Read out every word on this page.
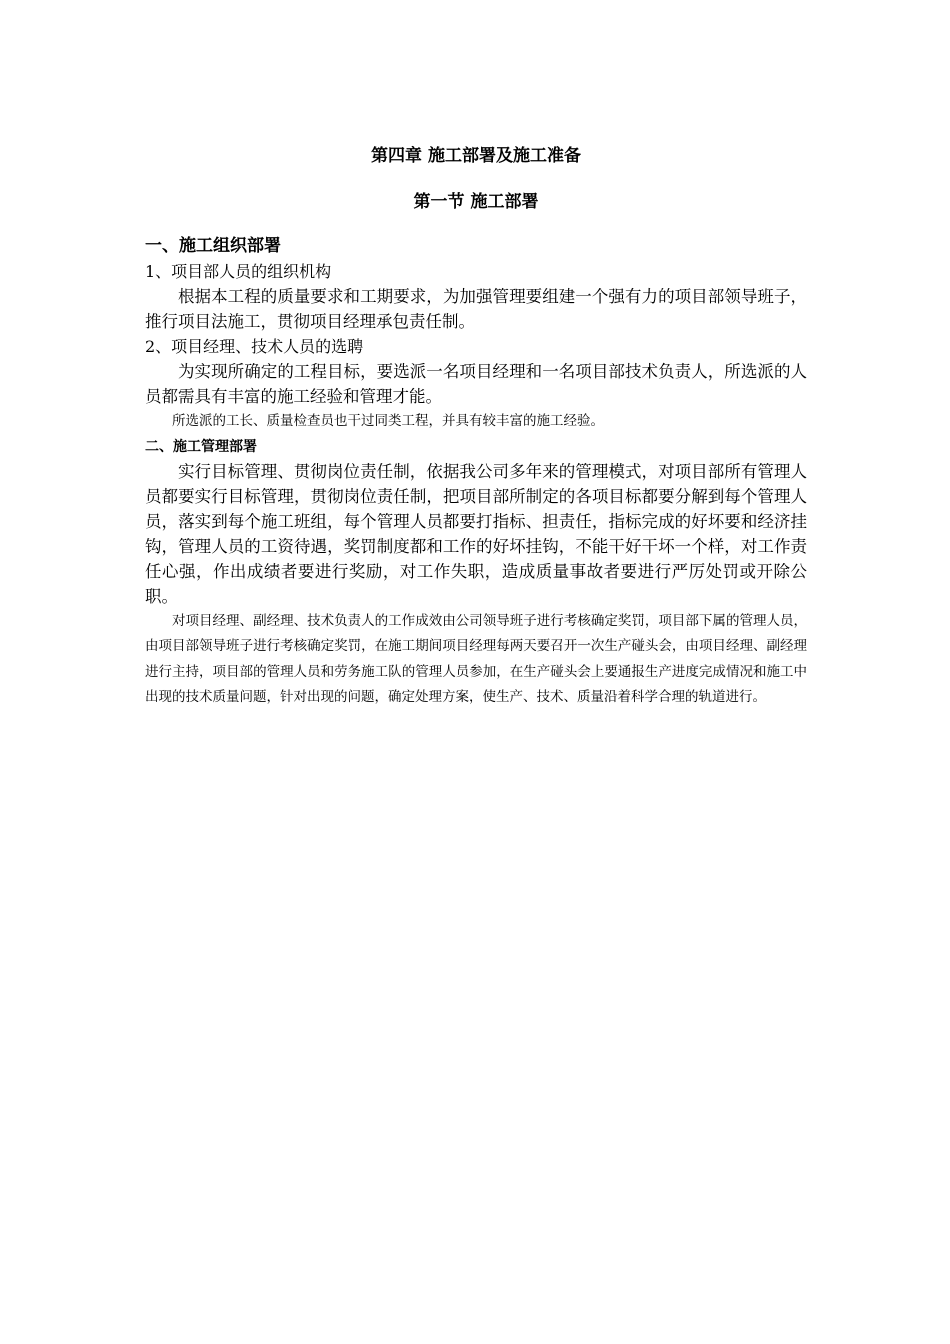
第四章 施工部署及施工准备
第一节 施工部署

一、施工组织部署

1、项目部人员的组织机构

根据本工程的质量要求和工期要求，为加强管理要组建一个强有力的项目部领导班子，推行项目法施工，贯彻项目经理承包责任制。

2、项目经理、技术人员的选聘

为实现所确定的工程目标，要选派一名项目经理和一名项目部技术负责人，所选派的人员都需具有丰富的施工经验和管理才能。

所选派的工长、质量检查员也干过同类工程，并具有较丰富的施工经验。

二、施工管理部署

实行目标管理、贯彻岗位责任制，依据我公司多年来的管理模式，对项目部所有管理人员都要实行目标管理，贯彻岗位责任制，把项目部所制定的各项目标都要分解到每个管理人员，落实到每个施工班组，每个管理人员都要打指标、担责任，指标完成的好坏要和经济挂钩，管理人员的工资待遇，奖罚制度都和工作的好坏挂钩，不能干好干坏一个样，对工作责任心强，作出成绩者要进行奖励，对工作失职，造成质量事故者要进行严厉处罚或开除公职。

对项目经理、副经理、技术负责人的工作成效由公司领导班子进行考核确定奖罚，项目部下属的管理人员，由项目部领导班子进行考核确定奖罚，在施工期间项目经理每两天要召开一次生产碰头会，由项目经理、副经理进行主持，项目部的管理人员和劳务施工队的管理人员参加，在生产碰头会上要通报生产进度完成情况和施工中出现的技术质量问题，针对出现的问题，确定处理方案，使生产、技术、质量沿着科学合理的轨道进行。
